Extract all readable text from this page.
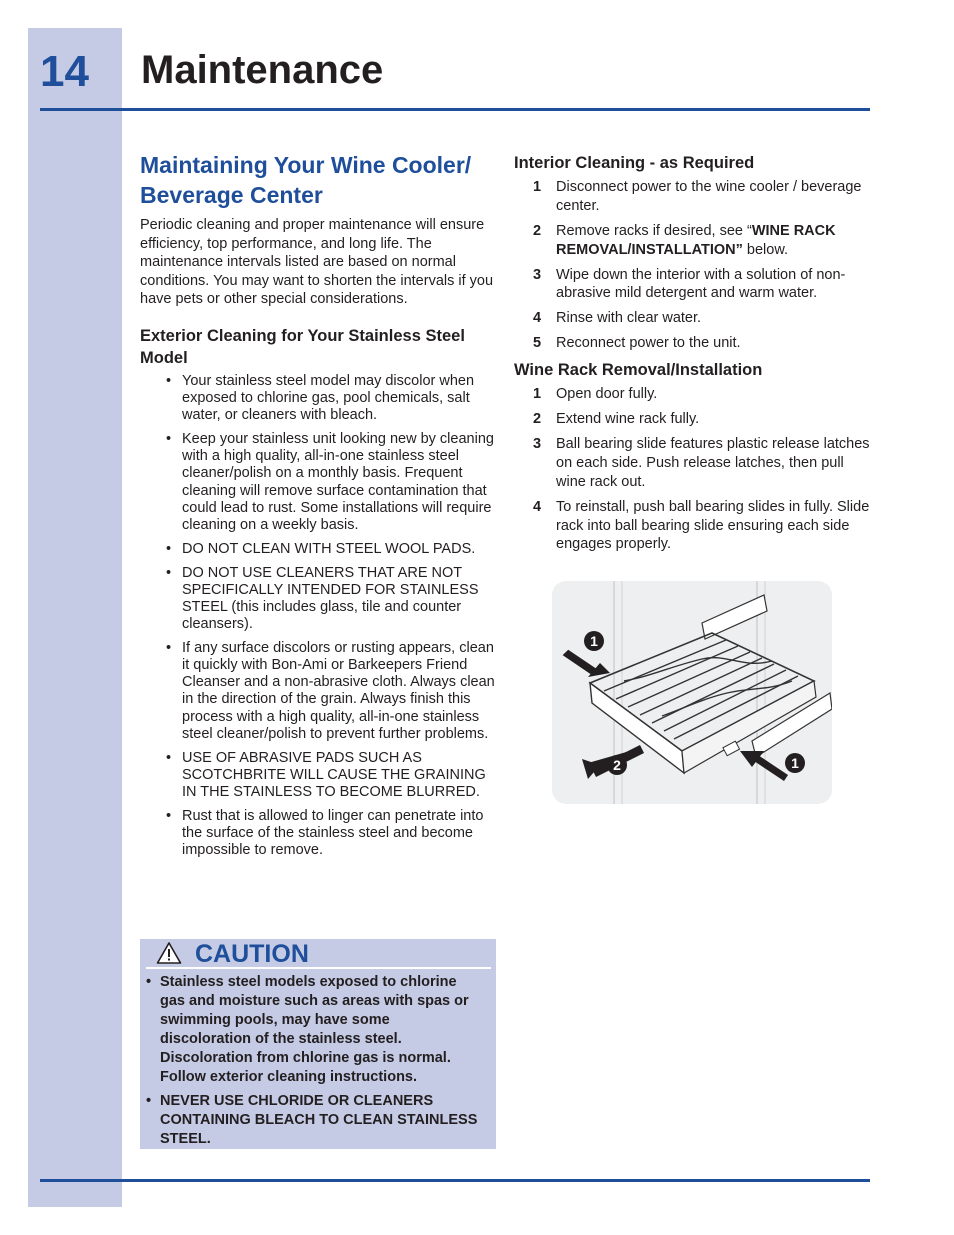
14 Maintenance
Maintaining Your Wine Cooler/ Beverage Center

Periodic cleaning and proper maintenance will ensure efficiency, top performance, and long life. The maintenance intervals listed are based on normal conditions. You may want to shorten the intervals if you have pets or other special considerations.

Exterior Cleaning for Your Stainless Steel Model
• Your stainless steel model may discolor when exposed to chlorine gas, pool chemicals, salt water, or cleaners with bleach.
• Keep your stainless unit looking new by cleaning with a high quality, all-in-one stainless steel cleaner/polish on a monthly basis. Frequent cleaning will remove surface contamination that could lead to rust. Some installations will require cleaning on a weekly basis.
• DO NOT CLEAN WITH STEEL WOOL PADS.
• DO NOT USE CLEANERS THAT ARE NOT SPECIFICALLY INTENDED FOR STAINLESS STEEL (this includes glass, tile and counter cleansers).
• If any surface discolors or rusting appears, clean it quickly with Bon-Ami or Barkeepers Friend Cleanser and a non-abrasive cloth. Always clean in the direction of the grain. Always finish this process with a high quality, all-in-one stainless steel cleaner/polish to prevent further problems.
• USE OF ABRASIVE PADS SUCH AS SCOTCHBRITE WILL CAUSE THE GRAINING IN THE STAINLESS TO BECOME BLURRED.
• Rust that is allowed to linger can penetrate into the surface of the stainless steel and become impossible to remove.
CAUTION
• Stainless steel models exposed to chlorine gas and moisture such as areas with spas or swimming pools, may have some discoloration of the stainless steel. Discoloration from chlorine gas is normal. Follow exterior cleaning instructions.
• NEVER USE CHLORIDE OR CLEANERS CONTAINING BLEACH TO CLEAN STAINLESS STEEL.
Interior Cleaning - as Required
1 Disconnect power to the wine cooler / beverage center.
2 Remove racks if desired, see “WINE RACK REMOVAL/INSTALLATION” below.
3 Wipe down the interior with a solution of non-abrasive mild detergent and warm water.
4 Rinse with clear water.
5 Reconnect power to the unit.
Wine Rack Removal/Installation
1 Open door fully.
2 Extend wine rack fully.
3 Ball bearing slide features plastic release latches on each side. Push release latches, then pull wine rack out.
4 To reinstall, push ball bearing slides in fully. Slide rack into ball bearing slide ensuring each side engages properly.
1
2	1
